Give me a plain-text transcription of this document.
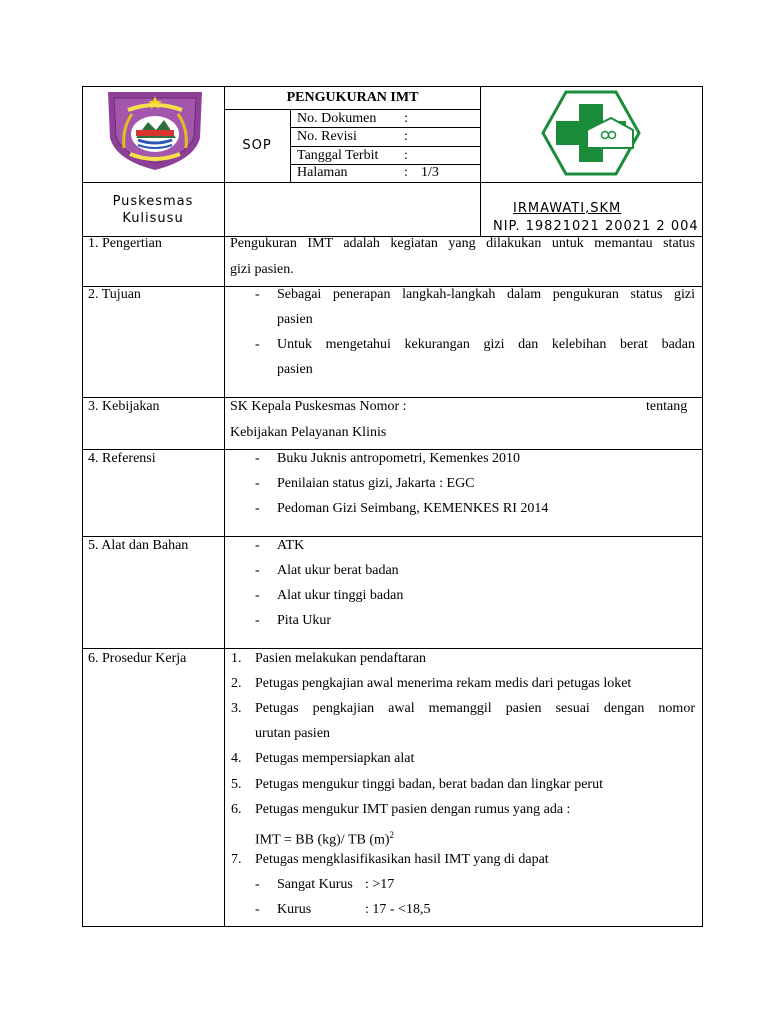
PENGUKURAN IMT
SOP
No. Dokumen :
No. Revisi	:
Tanggal Terbit :
Halaman	: 1/3
Puskesmas
Kulisusu
IRMAWATI,SKM
NIP. 19821021 20021 2 004
1. Pengertian	Pengukuran IMT adalah kegiatan yang dilakukan untuk memantau status
gizi pasien.
2. Tujuan	- Sebagai penerapan langkah-langkah dalam pengukuran status gizi
pasien
- Untuk mengetahui kekurangan gizi dan kelebihan berat badan
pasien
3. Kebijakan	SK Kepala Puskesmas Nomor :	tentang
Kebijakan Pelayanan Klinis
4. Referensi	- Buku Juknis antropometri, Kemenkes 2010
- Penilaian status gizi, Jakarta : EGC
- Pedoman Gizi Seimbang, KEMENKES RI 2014
5. Alat dan Bahan	- ATK
- Alat ukur berat badan
- Alat ukur tinggi badan
- Pita Ukur
6. Prosedur Kerja	1. Pasien melakukan pendaftaran
2. Petugas pengkajian awal menerima rekam medis dari petugas loket
3. Petugas pengkajian awal memanggil pasien sesuai dengan nomor
urutan pasien
4. Petugas mempersiapkan alat
5. Petugas mengukur tinggi badan, berat badan dan lingkar perut
6. Petugas mengukur IMT pasien dengan rumus yang ada :
IMT = BB (kg)/ TB $(m)^2$
7. Petugas mengklasifikasikan hasil IMT yang di dapat
- Sangat Kurus : >17
- Kurus	: 17 - <18,5
